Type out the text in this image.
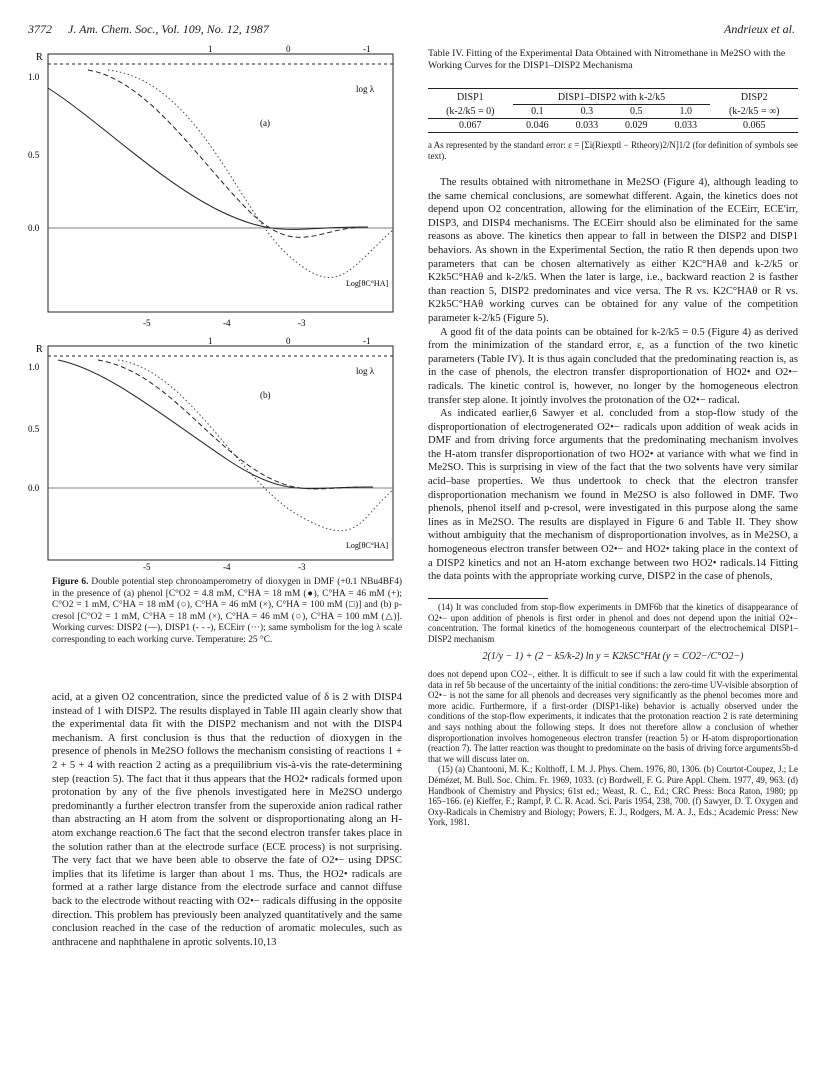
3772 J. Am. Chem. Soc., Vol. 109, No. 12, 1987	Andrieux et al.
R
1.0
0.5
0.0
1	0	-1
log λ
(a)
Log[θC°HA]
-5	-4	-3
R
1.0
0.5
0.0
1	0	-1
log λ
(b)
Log[θC°HA]
-5	-4	-3
Figure 6. Double potential step chronoamperometry of dioxygen in DMF (+0.1 NBu4BF4) in the presence of (a) phenol [C°O2 = 4.8 mM, C°HA = 18 mM (●), C°HA = 46 mM (+); C°O2 = 1 mM, C°HA = 18 mM (○), C°HA = 46 mM (×), C°HA = 100 mM (□)] and (b) p-cresol [C°O2 = 1 mM, C°HA = 18 mM (×), C°HA = 46 mM (○), C°HA = 100 mM (△)]. Working curves: DISP2 (—), DISP1 (- - -), ECEirr (···); same symbolism for the log λ scale corresponding to each working curve. Temperature: 25 °C.

acid, at a given O2 concentration, since the predicted value of δ is 2 with DISP4 instead of 1 with DISP2. The results displayed in Table III again clearly show that the experimental data fit with the DISP2 mechanism and not with the DISP4 mechanism. A first conclusion is thus that the reduction of dioxygen in the presence of phenols in Me2SO follows the mechanism consisting of reactions 1 + 2 + 5 + 4 with reaction 2 acting as a prequilibrium vis-à-vis the rate-determining step (reaction 5). The fact that it thus appears that the HO2• radicals formed upon protonation by any of the five phenols investigated here in Me2SO undergo predominantly a further electron transfer from the superoxide anion radical rather than abstracting an H atom from the solvent or disproportionating along an H-atom exchange reaction.6 The fact that the second electron transfer takes place in the solution rather than at the electrode surface (ECE process) is not surprising. The very fact that we have been able to observe the fate of O2•− using DPSC implies that its lifetime is larger than about 1 ms. Thus, the HO2• radicals are formed at a rather large distance from the electrode surface and cannot diffuse back to the electrode without reacting with O2•− radicals diffusing in the opposite direction. This problem has previously been analyzed quantitatively and the same conclusion reached in the case of the reduction of aromatic molecules, such as anthracene and naphthalene in aprotic solvents.10,13

Table IV. Fitting of the Experimental Data Obtained with Nitromethane in Me2SO with the Working Curves for the DISP1–DISP2 Mechanisma
DISP1	DISP1–DISP2 with k-2/k5				DISP2
(k-2/k5 = 0)	0.1	0.3	0.5	1.0	(k-2/k5 = ∞)
0.067	0.046	0.033	0.029	0.033	0.065
a As represented by the standard error: ε = [Σi(Riexptl − Rtheory)2/N]1/2 (for definition of symbols see text).

The results obtained with nitromethane in Me2SO (Figure 4), although leading to the same chemical conclusions, are somewhat different. Again, the kinetics does not depend upon O2 concentration, allowing for the elimination of the ECEirr, ECE'irr, DISP3, and DISP4 mechanisms. The ECEirr should also be eliminated for the same reasons as above. The kinetics then appear to fall in between the DISP2 and DISP1 behaviors. As shown in the Experimental Section, the ratio R then depends upon two parameters that can be chosen alternatively as either K2C°HAθ and k-2/k5 or K2k5C°HAθ and k-2/k5. When the later is large, i.e., backward reaction 2 is fasther than reaction 5, DISP2 predominates and vice versa. The R vs. K2C°HAθ or R vs. K2k5C°HAθ working curves can be obtained for any value of the competition parameter k-2/k5 (Figure 5).

A good fit of the data points can be obtained for k-2/k5 = 0.5 (Figure 4) as derived from the minimization of the standard error, ε, as a function of the two kinetic parameters (Table IV). It is thus again concluded that the predominating reaction is, as in the case of phenols, the electron transfer disproportionation of HO2• and O2•− radicals. The kinetic control is, however, no longer by the homogeneous electron transfer step alone. It jointly involves the protonation of the O2•− radical.

As indicated earlier,6 Sawyer et al. concluded from a stop-flow study of the disproportionation of electrogenerated O2•− radicals upon addition of weak acids in DMF and from driving force arguments that the predominating mechanism involves the H-atom transfer disproportionation of two HO2• at variance with what we find in Me2SO. This is surprising in view of the fact that the two solvents have very similar acid–base properties. We thus undertook to check that the electron transfer disproportionation mechanism we found in Me2SO is also followed in DMF. Two phenols, phenol itself and p-cresol, were investigated in this purpose along the same lines as in Me2SO. The results are displayed in Figure 6 and Table II. They show without ambiguity that the mechanism of disproportionation involves, as in Me2SO, a homogeneous electron transfer between O2•− and HO2• taking place in the context of a DISP2 kinetics and not an H-atom exchange between two HO2• radicals.14 Fitting the data points with the appropriate working curve, DISP2 in the case of phenols,

(14) It was concluded from stop-flow experiments in DMF6b that the kinetics of disappearance of O2•− upon addition of phenols is first order in phenol and does not depend upon the initial O2•− concentration. The formal kinetics of the homogeneous counterpart of the electrochemical DISP1–DISP2 mechanism

2(1/y − 1) + (2 − k5/k-2) ln y = K2k5C°HAt (y = CO2−/C°O2−)

does not depend upon CO2−, either. It is difficult to see if such a law could fit with the experimental data in ref 5b because of the uncertainty of the initial conditions: the zero-time UV-visible absorption of O2•− is not the same for all phenols and decreases very significantly as the phenol becomes more and more acidic. Furthermore, if a first-order (DISP1-like) behavior is actually observed under the conditions of the stop-flow experiments, it indicates that the protonation reaction 2 is rate determining and says nothing about the following steps. It does not therefore allow a conclusion of whether disproportionation involves homogeneous electron transfer (reaction 5) or H-atom disproportionation (reaction 7). The latter reaction was thought to predominate on the basis of driving force arguments5b-d that we will discuss later on.

(15) (a) Chantooni, M. K.; Kolthoff, I. M. J. Phys. Chem. 1976, 80, 1306. (b) Courtot-Coupez, J.; Le Démézet, M. Bull. Soc. Chim. Fr. 1969, 1033. (c) Bordwell, F. G. Pure Appl. Chem. 1977, 49, 963. (d) Handbook of Chemistry and Physics; 61st ed.; Weast, R. C., Ed.; CRC Press: Boca Raton, 1980; pp 165–166. (e) Kieffer, F.; Rampf, P. C. R. Acad. Sci. Paris 1954, 238, 700. (f) Sawyer, D. T. Oxygen and Oxy-Radicals in Chemistry and Biology; Powers, E. J., Rodgers, M. A. J., Eds.; Academic Press: New York, 1981.
